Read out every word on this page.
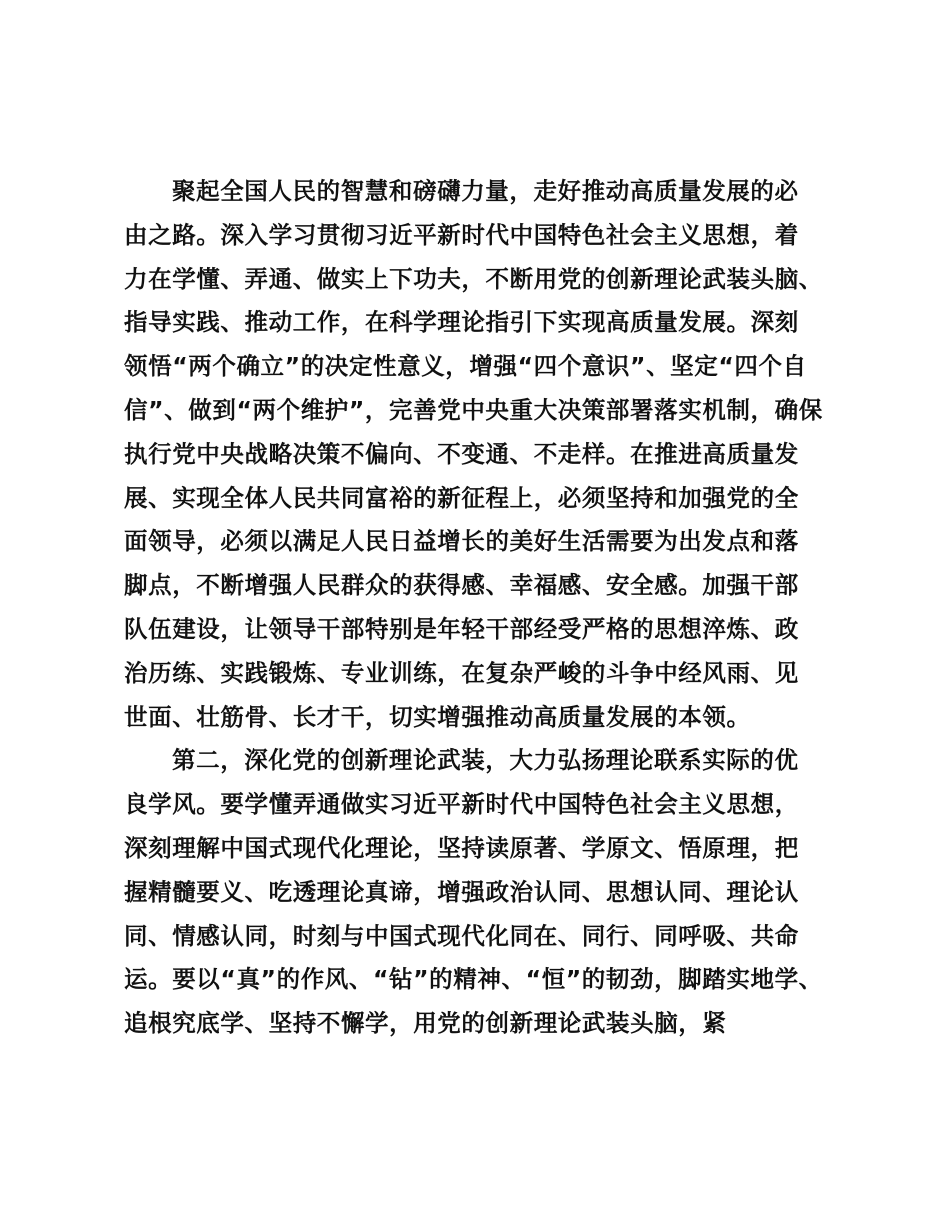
聚起全国人民的智慧和磅礴力量，走好推动高质量发展的必
由之路。深入学习贯彻习近平新时代中国特色社会主义思想，着
力在学懂、弄通、做实上下功夫，不断用党的创新理论武装头脑、
指导实践、推动工作，在科学理论指引下实现高质量发展。深刻
领悟“两个确立”的决定性意义，增强“四个意识”、坚定“四个自
信”、做到“两个维护”，完善党中央重大决策部署落实机制，确保
执行党中央战略决策不偏向、不变通、不走样。在推进高质量发
展、实现全体人民共同富裕的新征程上，必须坚持和加强党的全
面领导，必须以满足人民日益增长的美好生活需要为出发点和落
脚点，不断增强人民群众的获得感、幸福感、安全感。加强干部
队伍建设，让领导干部特别是年轻干部经受严格的思想淬炼、政
治历练、实践锻炼、专业训练，在复杂严峻的斗争中经风雨、见
世面、壮筋骨、长才干，切实增强推动高质量发展的本领。
第二，深化党的创新理论武装，大力弘扬理论联系实际的优
良学风。要学懂弄通做实习近平新时代中国特色社会主义思想，
深刻理解中国式现代化理论，坚持读原著、学原文、悟原理，把
握精髓要义、吃透理论真谛，增强政治认同、思想认同、理论认
同、情感认同，时刻与中国式现代化同在、同行、同呼吸、共命
运。要以“真”的作风、“钻”的精神、“恒”的韧劲，脚踏实地学、
追根究底学、坚持不懈学，用党的创新理论武装头脑，紧
